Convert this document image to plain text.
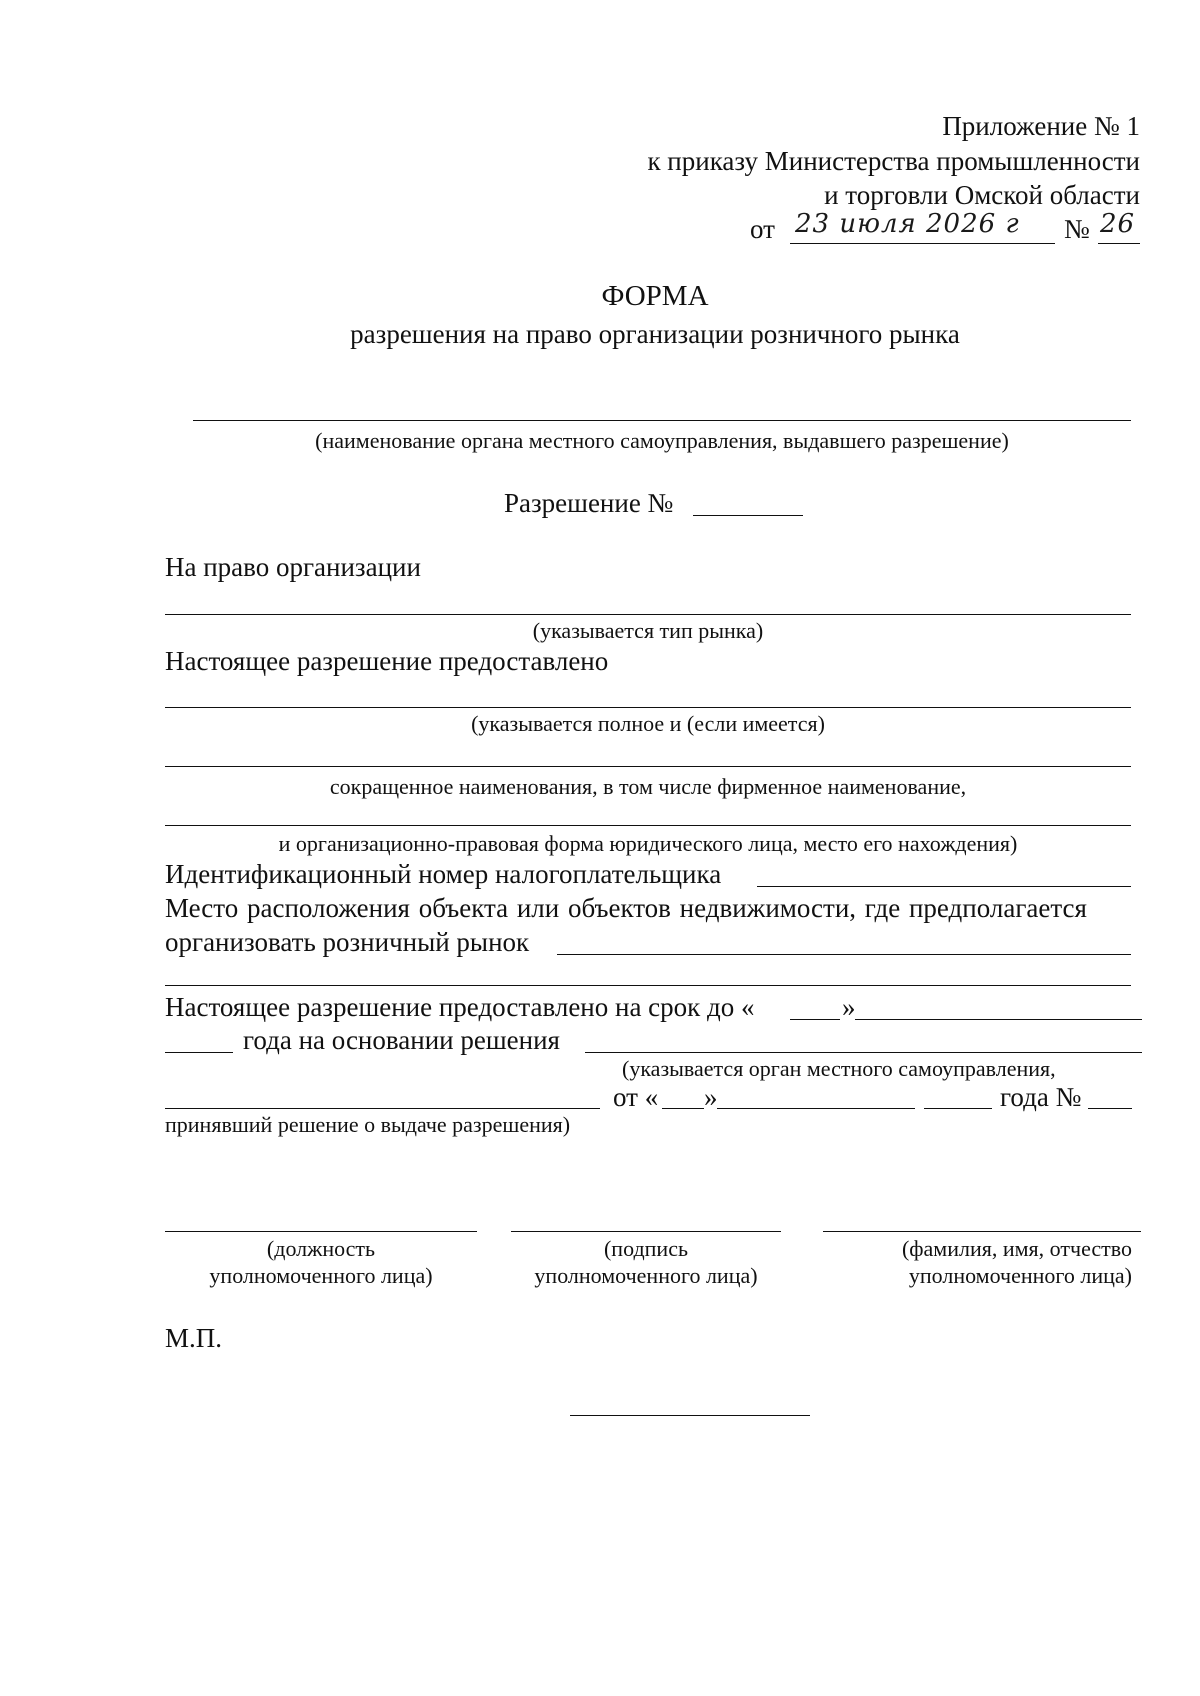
Приложение № 1
к приказу Министерства промышленности
и торговли Омской области
от 23 июля 2026 г № 26
ФОРМА
разрешения на право организации розничного рынка
(наименование органа местного самоуправления, выдавшего разрешение)
Разрешение №
На право организации
(указывается тип рынка)
Настоящее разрешение предоставлено
(указывается полное и (если имеется)
сокращенное наименования, в том числе фирменное наименование,
и организационно-правовая форма юридического лица, место его нахождения)
Идентификационный номер налогоплательщика
Место расположения объекта или объектов недвижимости, где предполагается
организовать розничный рынок
Настоящее разрешение предоставлено на срок до «	»
года на основании решения
(указывается орган местного самоуправления,
от « »	года №
принявший решение о выдаче разрешения)
(должность
уполномоченного лица)
(подпись
уполномоченного лица)
(фамилия, имя, отчество
уполномоченного лица)
М.П.
